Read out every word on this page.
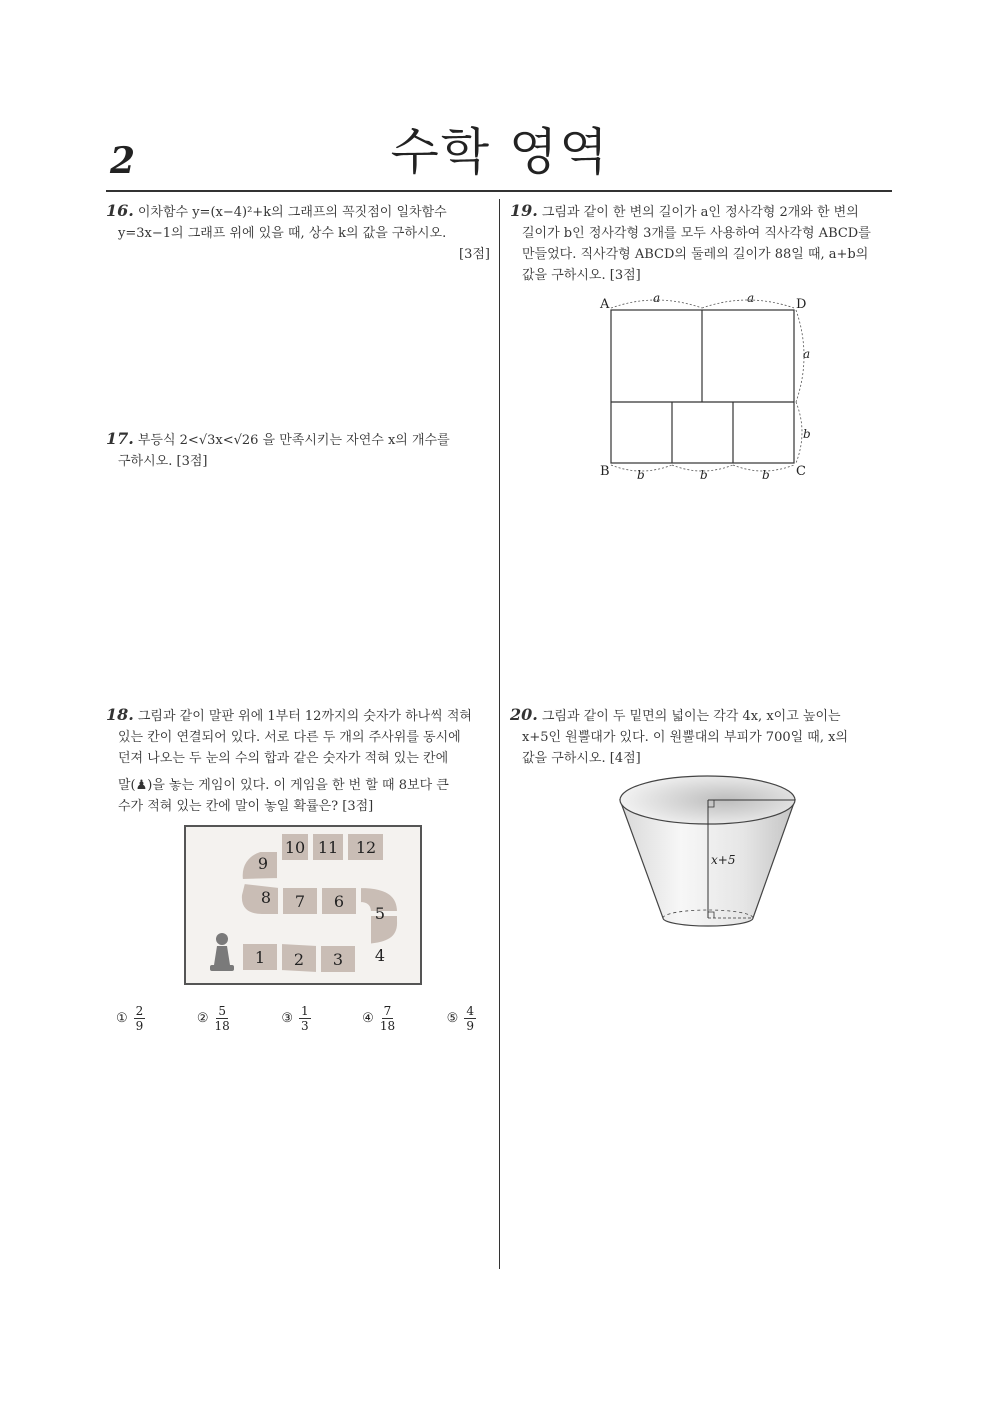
2	수학 영역
16. 이차함수 y=(x−4)²+k의 그래프의 꼭짓점이 일차함수
y=3x−1의 그래프 위에 있을 때, 상수 k의 값을 구하시오.
[3점]
17. 부등식 2<√3x<√26 을 만족시키는 자연수 x의 개수를
구하시오. [3점]
18. 그림과 같이 말판 위에 1부터 12까지의 숫자가 하나씩 적혀
있는 칸이 연결되어 있다. 서로 다른 두 개의 주사위를 동시에
던져 나오는 두 눈의 수의 합과 같은 숫자가 적혀 있는 칸에
말(♟)을 놓는 게임이 있다. 이 게임을 한 번 할 때 8보다 큰
수가 적혀 있는 칸에 말이 놓일 확률은? [3점]
1 2 3 4
5
6
7
8
9
10 11 12
① $\frac{2}{9}$	② $\frac{5}{18}$	③ $\frac{1}{3}$	④ $\frac{7}{18}$	⑤ $\frac{4}{9}$
19. 그림과 같이 한 변의 길이가 a인 정사각형 2개와 한 변의
길이가 b인 정사각형 3개를 모두 사용하여 직사각형 ABCD를
만들었다. 직사각형 ABCD의 둘레의 길이가 88일 때, a+b의
값을 구하시오. [3점]
A	D
B	C
a	a
a
b
b	b	b
20. 그림과 같이 두 밑면의 넓이는 각각 4x, x이고 높이는
x+5인 원뿔대가 있다. 이 원뿔대의 부피가 700일 때, x의
값을 구하시오. [4점]
x+5
